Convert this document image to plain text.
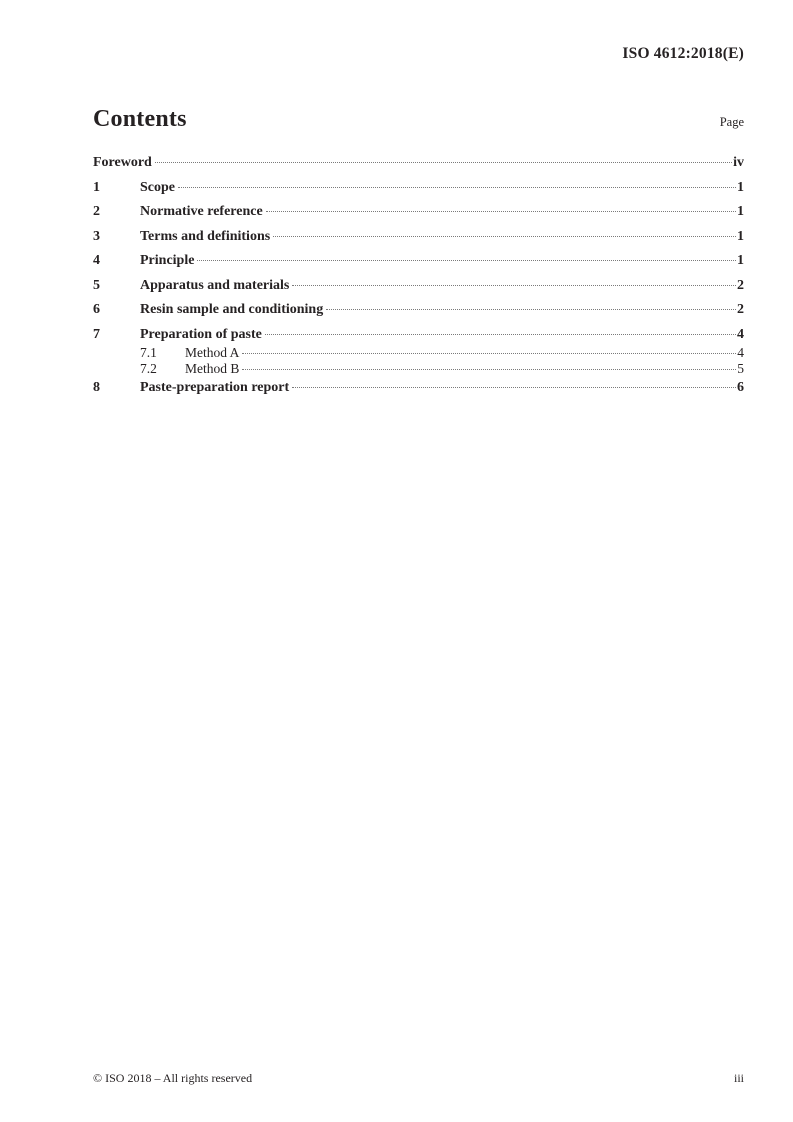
ISO 4612:2018(E)
Contents	Page
Foreword	iv
1	Scope	1
2	Normative reference	1
3	Terms and definitions	1
4	Principle	1
5	Apparatus and materials	2
6	Resin sample and conditioning	2
7	Preparation of paste	4
7.1	Method A	4
7.2	Method B	5
8	Paste-preparation report	6
© ISO 2018 – All rights reserved	iii
